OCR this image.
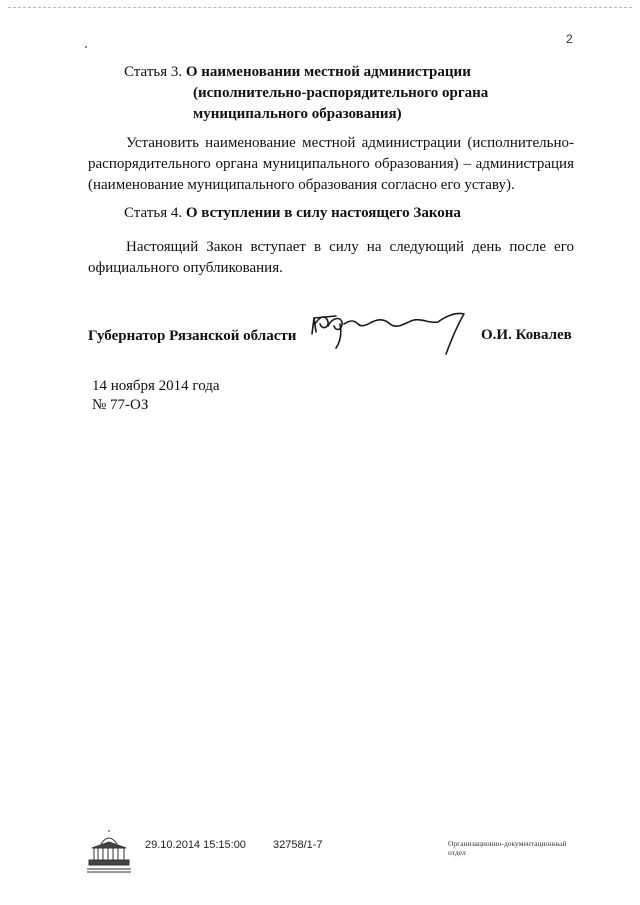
2
Статья 3. О наименовании местной администрации
(исполнительно-распорядительного органа
муниципального образования)
Установить наименование местной администрации (исполнительно-
распорядительного органа муниципального образования) – администрация
(наименование муниципального образования согласно его уставу).
Статья 4. О вступлении в силу настоящего Закона
Настоящий Закон вступает в силу на следующий день после его
официального опубликования.
Губернатор Рязанской области	О.И. Ковалев
14 ноября 2014 года
№ 77-ОЗ
29.10.2014 15:15:00 32758/1-7	Организационно-документационный
отдел
